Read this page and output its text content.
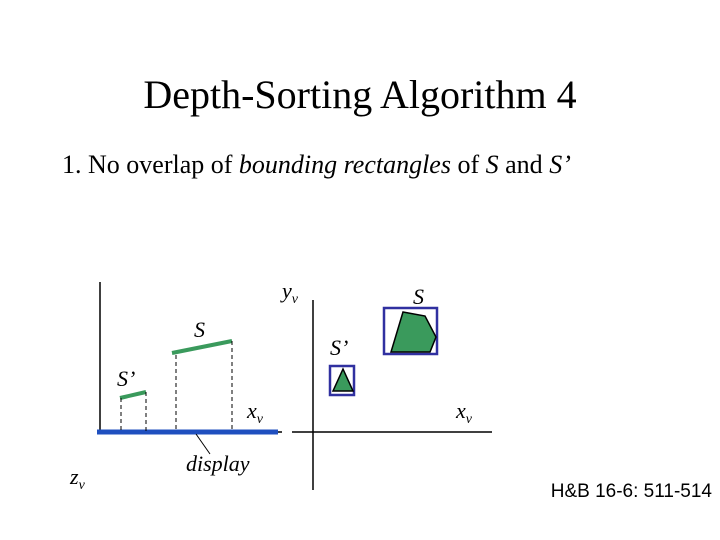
Depth-Sorting Algorithm 4
1. No overlap of bounding rectangles of S and S’
$y_v$
$x_v$
$z_v$
S
S’
display
S
S’
$x_v$
H&B 16-6: 511-514
